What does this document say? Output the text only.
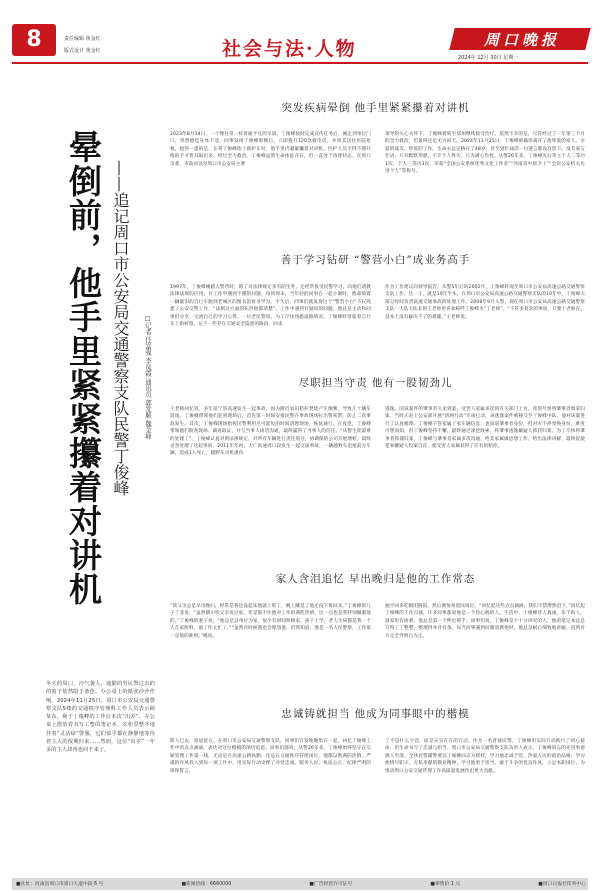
8	责任编辑 黄金红
版式设计 黄金红	社会与法·人物	周口晚报
2024年 12月 30日 星期一
晕倒前，他手里紧紧攥着对讲机 ——追记周口市公安局交通警察支队民警丁俊峰	□记者 任富强 李凤霞 通讯员 郭发顺 魏金峰
冬天的周口，冷气袭人，通勤的男民警过去的的窗子依然隐于蓝色。办公桌上的纸张沙沙作响。2024年11月25日，周口市公安局交通警察支队5楼的交通秩序管理科工作人员表示顾某东，利于丁俊峰的工作台本次“出差”。办公桌上摆放着书写工整的笔记本，衣柜里整齐地挂着“灵活绿”警服，它们似乎都在静静地等待着主人的按期归来……然而，这位“出差”一年多的主人却再也回不来了。
突发疾病晕倒 他手里紧紧攥着对讲机
2023年8月14日，一个像往常一样普通平凡的早晨，丁俊峰按时完成宣传任务后，刚走到单位门口，突然感觉身体不适。同事发现丁俊峰晕倒后，立即拨打120急救电话，并将其送往医院抢救。值得一提的是，在将丁俊峰抬上救护车时，他手里仍紧紧攥着对讲机，医护人员不得不掰开他的手才将其取出来。经过全力救治，丁俊峰虽然生命体征存在，但一直处于昏迷状态。在周口市委、市政府以及周口市公安局主要
领导的关心关怀下，丁俊峰被转至郑州继续接受治疗。依然不幸的是，尽管经过了一年零三个月的全力救治，但最终还是无力回天。2024年11月25日，丁俊峰被确诊离开了他挚爱的家人、亲爱的战友、挚爱的工作，生命永远定格在了48岁，甚至到忙碌活一句遗言都没有留下。没有豪言壮语，只有默默奉献，不计个人得失，只为满心热忱。从警26年来，丁俊峰先后荣立个人二等功1次、个人三等功3次，荣获“全国公安系统优秀文化工作者”“河南省中原卫士”“全省公安机关先进个人”等称号。
善于学习钻研 “警营小白”成业务高手
1997年，丁俊峰刚踏入警营时，除了对法律规定多有陌生外，还经常接受民警学习，向他们请教法律法规的应用，在工作中遇到不懂的问题，每到周末，当年轻的同事在一起小聚时，他却骑着一辆破旧的自行车跑到老城区的图书馆看书学习。不久后，同事们就发现这个“警营小白”不仅熟悉了公安交警工作，“法制这方面的东西他都清楚”，工作中遇到有疑问的问题，他总是主动和同事们分享，交流自己的学习心得。一位老民警说，为了尽快熟悉道路情况，丁俊峰经常骑着自行车上街转悠，记下一些存在交通安全隐患的路段，回来
作为工作建议向领导报告。从警5年后的2002年，丁俊峰转岗至周口市公安局高速公路交通警察支队工作，这一干，就是10年半头。在周口市公安局高速公路交通警察支队的10年中，丁俊峰大部分时间负责高速交通事故的处理工作。2008年9月入警，现任周口市公安局高速公路交通警察支队一大队大队长的王老师更喜欢称呼丁俊峰为“丁老师”。“不管多复杂的事故，只要丁老师在，基本上没有解决不了的难题。”王老师说。
尽职担当守责 他有一股韧劲儿
王老师回忆说，多年前宁洛高速发生一起事故，因为附近农田秸秆焚烧产生烟雾，导致几十辆车追尾。丁俊峰带领他们驻到现场后，首先第一时间安排民警在事故现场拉出警戒带，防止二次事故发生。其次，丁俊峰现场指挥民警利用尽可能短的时间清理现场，恢复通行。在夜里，丁俊峰带领他们勘查现场、调查取证，并与当事人谈话沟通，最终赢得了当事人的信任。“从警生涯最难的处理了”。丁俊峰认真对照法律规定，对所有车辆进行责任划分，协调保险公司开展理赔，最终妥善处理了这起事故。2011年年初，大广高速周口段发生一起交通事故，一辆越野车追尾前方车辆，造成1人死亡，越野车司机重伤
逃逸。因该案件的肇事者久未到案，受害人家属多次到有关部门上访，希望尽快将肇事者缉拿归案。当时正赶上公安部开展“清网行动”专项行动，该逃逸案件被移交至丁俊峰中队，他对该案进行了认真梳理。丁俊峰不管家属丁家车辆信息，也知道肇事者身份，但对方不停变换身份，难度可想而知，但丁俊峰坚持不懈，最终通过深挖线索，将肇事逃逸嫌疑人抓获归案。为了尽快将肇事者抓捕归案，丁俊峰与肇事者家属多次沟通，给其家属做思想工作，给出法律讲解，最终促使犯罪嫌疑人投案自首，使受害人家属获得了应有的赔偿。
家人含泪追忆 早出晚归是他的工作常态
“我父亲总是早出晚归，经常是我还没起床他就上班了，晚上睡觉了他还没下班回来。”丁俊峰的儿子丁菲说，“虽然偶尔听父亲说过家，但是那不住他对工作的满腔热情，这一点也是我特别佩服他的。”丁俊峰的妻子说，“他总是以单位为家，很少有时间照顾家，孩子上学、老人生病都是我一个人在家照料，他工作太忙了。”“虽然有时候我也会埋怨他，但我知道，他是一名人民警察，工作第一是他的准则。”她说。
抽空回来吃顿团圆饭，然后便匆匆返回岗位。“回忆起这些点点滴滴，我们不禁潸然泪下。”回忆起丁俊峰的工作点滴，许多同事都说他是一个热心肠的人。生活中，丁俊峰待人真诚，乐于助人，谁家里有困难，他总是第一个伸出援手。同事们说，丁俊峰是个十分讲究的人，他的笔记本总是写得工工整整，整理得井井有条。每当同事遇到问题请教他时，他总是耐心细致地讲解，直到对方完全弄明白为止。
忠诚铸就担当 他成为同事眼中的楷模
斯人已去，追思犹在。在周口市公安局交通警察支队，同事们自发地聚集在一起，回忆丁俊峰工作中的点点滴滴，表达对这位楷模的深切追思。同事们都说，从警26年来，丁俊峰始终坚守在交通管理工作第一线，无论是在高速公路执勤，还是在交通秩序管理岗位，他都以饱满的热情、严谨的作风投入到每一项工作中，用实际行动诠释了对党忠诚、服务人民、执法公正、纪律严明的铮铮誓言。
了不是什么空话，而是实实在在的行动。作为一名普通民警，丁俊峰用实际行动践行了初心使命，用生命书写了忠诚与担当。周口市公安局交通警察支队负责人表示，丁俊峰同志的先进事迹感人至深，全体民警辅警要以丁俊峰同志为榜样，学习他忠诚于党、热爱人民的政治品格，学习他恪尽职守、无私奉献的敬业精神，学习他勇于担当、敢于斗争的优良作风，立足本职岗位，为推动周口公安交通管理工作高质量发展作出更大贡献。
■社址：河南省周口市周口大道中段 6 号	■新闻热线：6660000	■广告经营许可证号	■零售价 1 元	■周口日报社印务中心
